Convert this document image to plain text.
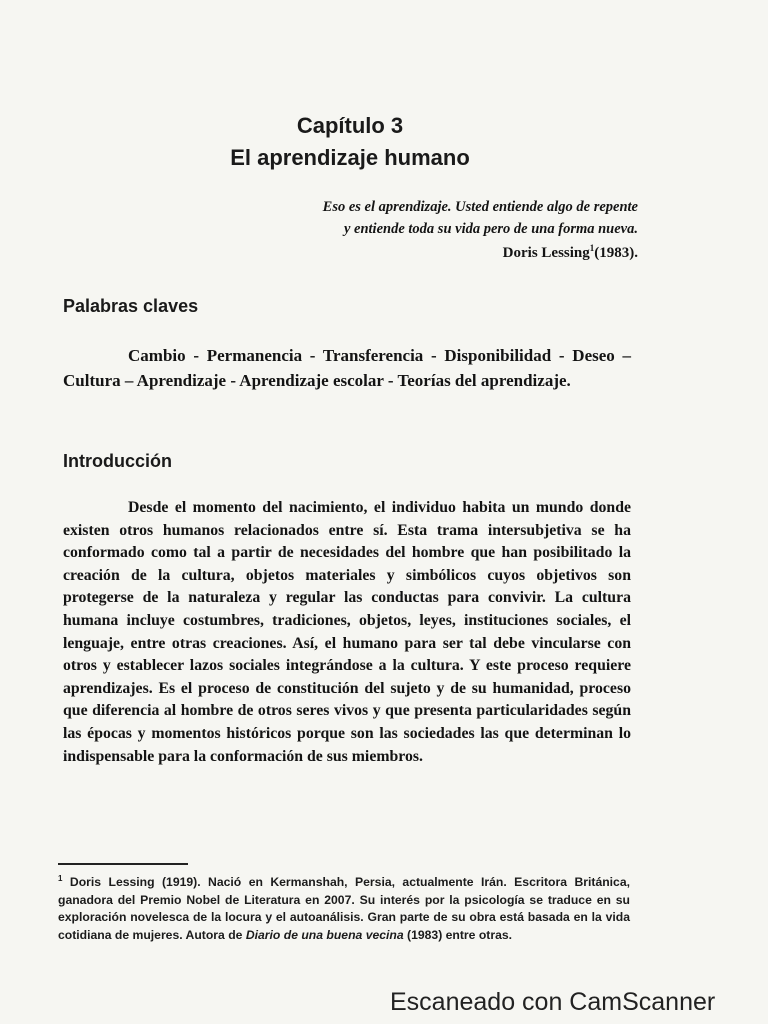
Capítulo 3
El aprendizaje humano
Eso es el aprendizaje. Usted entiende algo de repente
y entiende toda su vida pero de una forma nueva.
Doris Lessing$^1$(1983).
Palabras claves
Cambio - Permanencia - Transferencia - Disponibilidad - Deseo – Cultura – Aprendizaje - Aprendizaje escolar - Teorías del aprendizaje.
Introducción
Desde el momento del nacimiento, el individuo habita un mundo donde existen otros humanos relacionados entre sí. Esta trama intersubjetiva se ha conformado como tal a partir de necesidades del hombre que han posibilitado la creación de la cultura, objetos materiales y simbólicos cuyos objetivos son protegerse de la naturaleza y regular las conductas para convivir. La cultura humana incluye costumbres, tradiciones, objetos, leyes, instituciones sociales, el lenguaje, entre otras creaciones. Así, el humano para ser tal debe vincularse con otros y establecer lazos sociales integrándose a la cultura. Y este proceso requiere aprendizajes. Es el proceso de constitución del sujeto y de su humanidad, proceso que diferencia al hombre de otros seres vivos y que presenta particularidades según las épocas y momentos históricos porque son las sociedades las que determinan lo indispensable para la conformación de sus miembros.
$^1$ Doris Lessing (1919). Nació en Kermanshah, Persia, actualmente Irán. Escritora Británica, ganadora del Premio Nobel de Literatura en 2007. Su interés por la psicología se traduce en su exploración novelesca de la locura y el autoanálisis. Gran parte de su obra está basada en la vida cotidiana de mujeres. Autora de Diario de una buena vecina (1983) entre otras.
Escaneado con CamScanner
